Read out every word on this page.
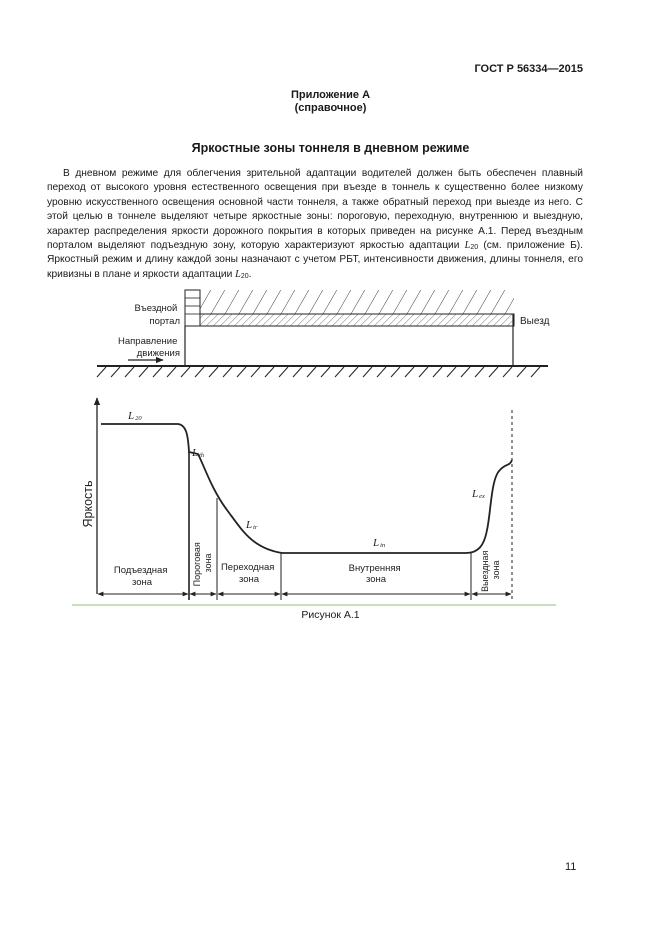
ГОСТ Р 56334—2015
Приложение А
(справочное)
Яркостные зоны тоннеля в дневном режиме

В дневном режиме для облегчения зрительной адаптации водителей должен быть обеспечен плавный переход от высокого уровня естественного освещения при въезде в тоннель к существенно более низкому уровню искусственного освещения основной части тоннеля, а также обратный переход при выезде из него. С этой целью в тоннеле выделяют четыре яркостные зоны: пороговую, переходную, внутреннюю и выездную, характер распределения яркости дорожного покрытия в которых приведен на рисунке А.1. Перед въездным порталом выделяют подъездную зону, которую характеризуют яркостью адаптации $L_{20}$ (см. приложение Б). Яркостный режим и длину каждой зоны назначают с учетом РБТ, интенсивности движения, длины тоннеля, его кривизны в плане и яркости адаптации $L_{20}$.

Въездной портал
Направление движения
Выезд
Яркость
L20
Lth
Ltr
Lin
Lex
Подъездная зона	Пороговая зона Переходная зона
Внутренняя зона	Выездная зона
Рисунок А.1
11
